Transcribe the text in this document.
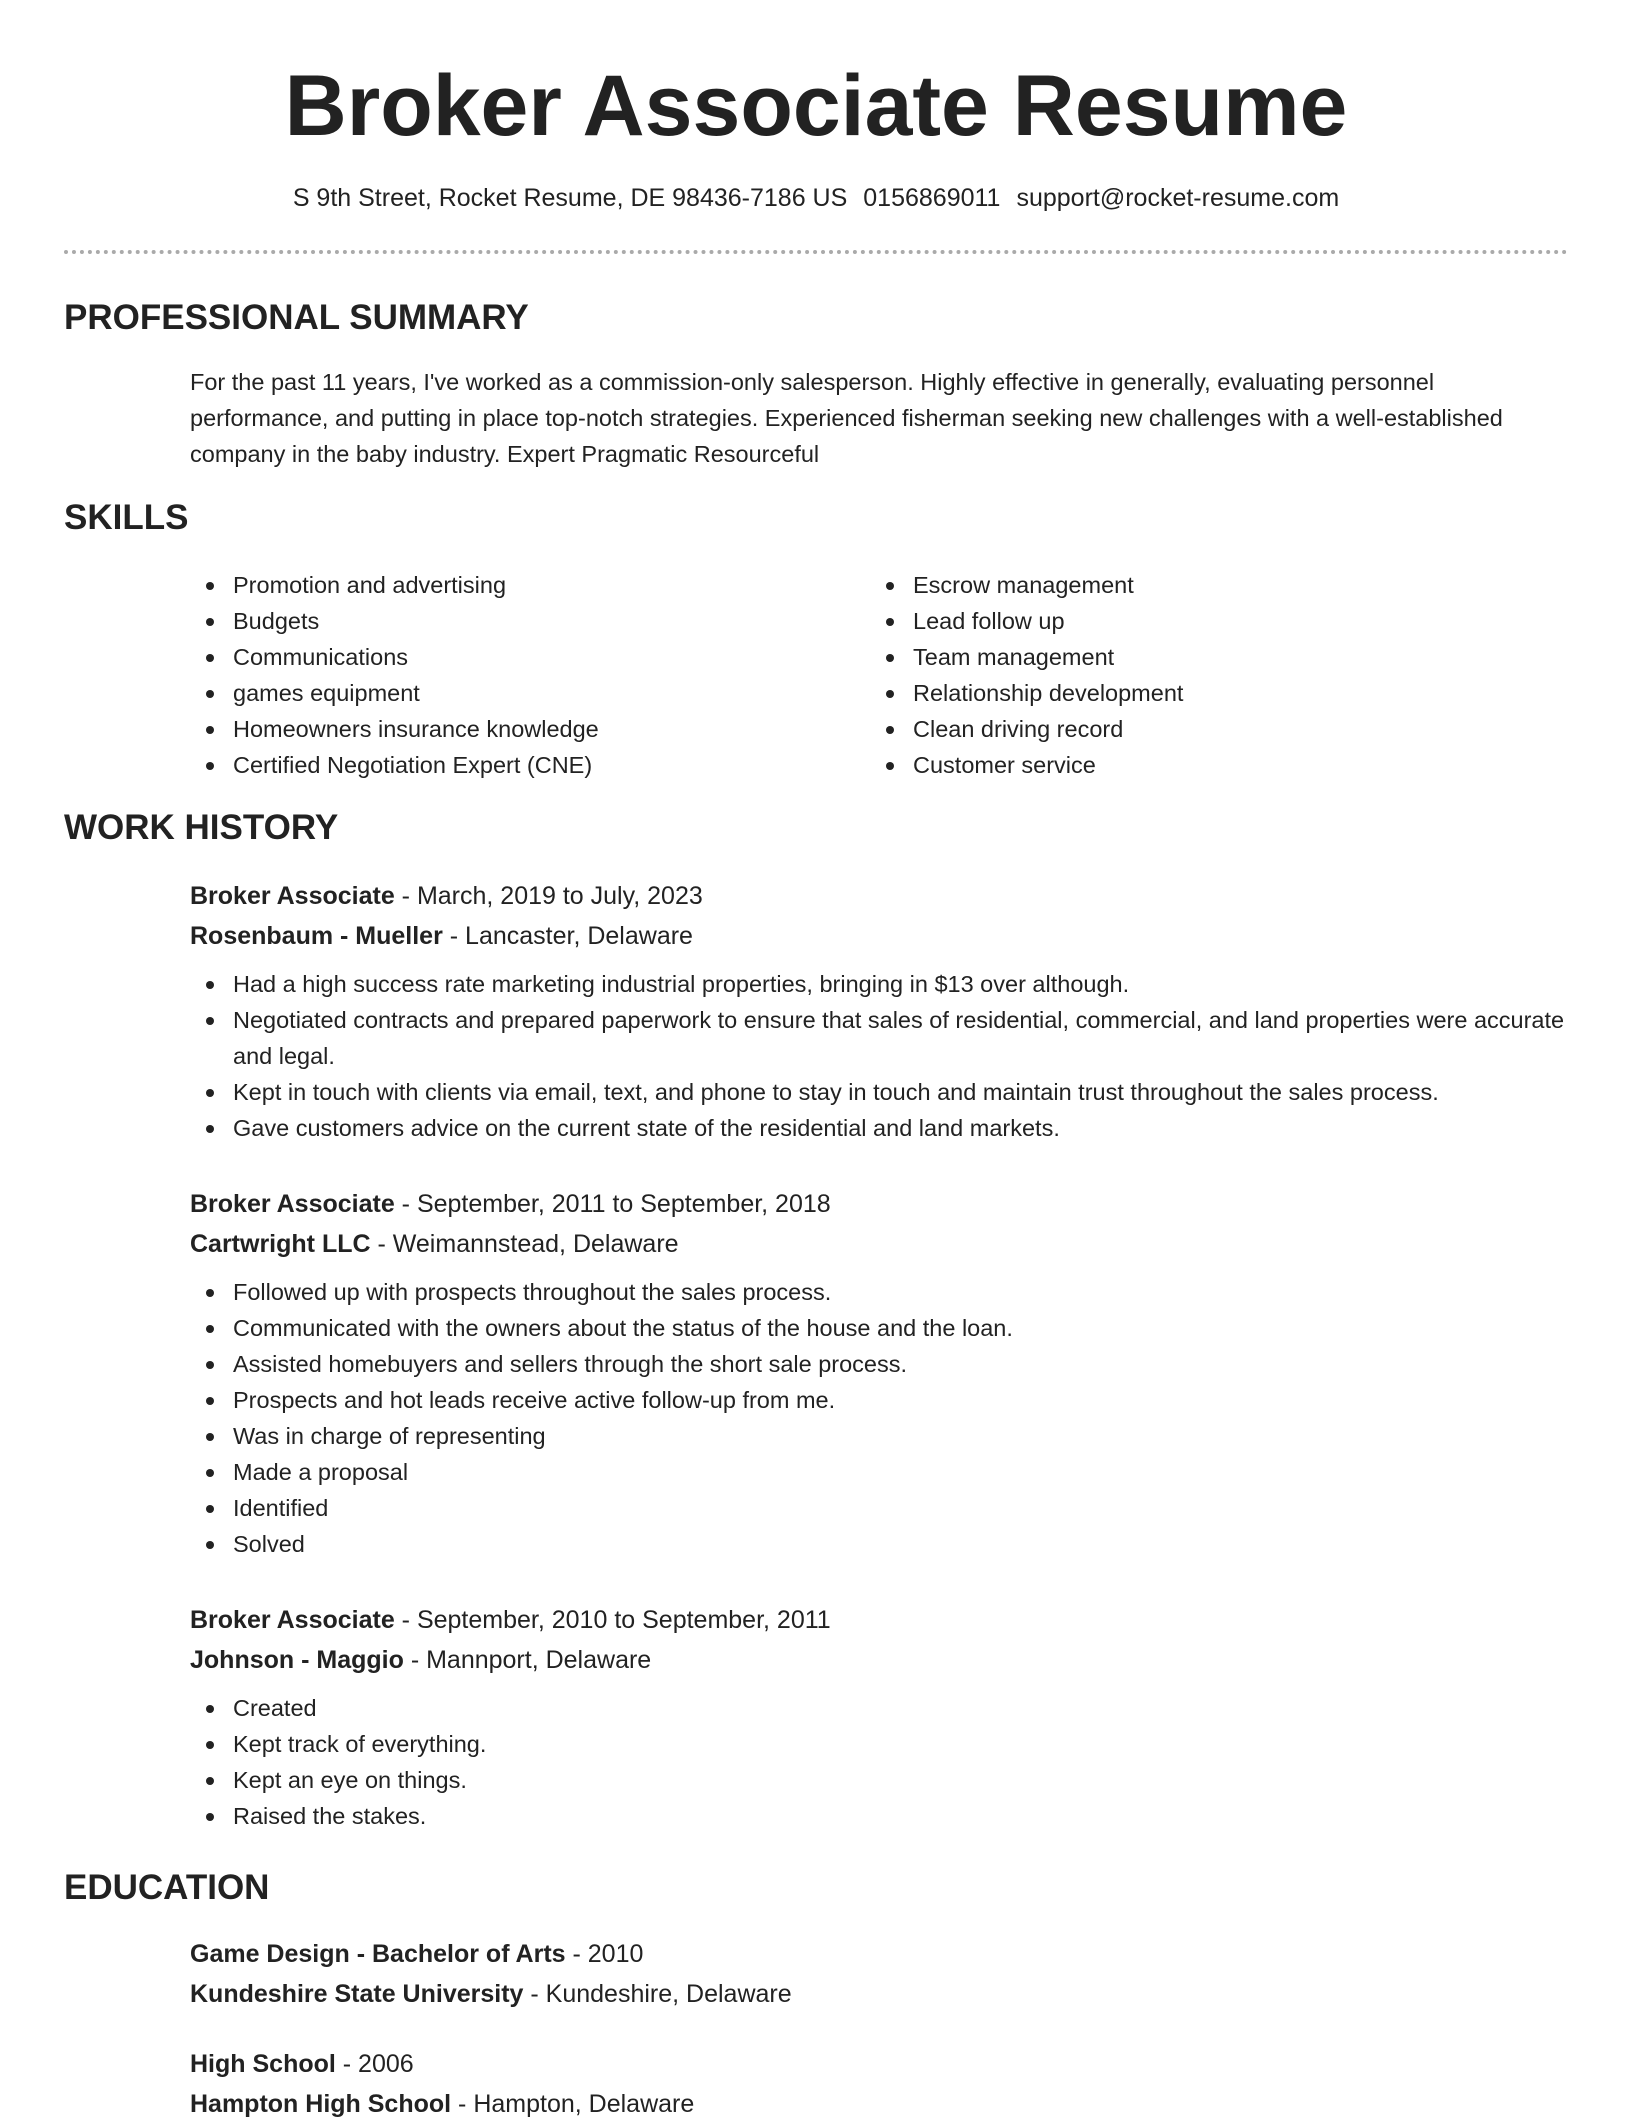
Broker Associate Resume
S 9th Street, Rocket Resume, DE 98436-7186 US 0156869011 support@rocket-resume.com
PROFESSIONAL SUMMARY

For the past 11 years, I've worked as a commission-only salesperson. Highly effective in generally, evaluating personnel performance, and putting in place top-notch strategies. Experienced fisherman seeking new challenges with a well-established company in the baby industry. Expert Pragmatic Resourceful

SKILLS
Promotion and advertising
Budgets
Communications
games equipment
Homeowners insurance knowledge
Certified Negotiation Expert (CNE)
Escrow management
Lead follow up
Team management
Relationship development
Clean driving record
Customer service
WORK HISTORY
Broker Associate - March, 2019 to July, 2023
Rosenbaum - Mueller - Lancaster, Delaware
Had a high success rate marketing industrial properties, bringing in $13 over although.
Negotiated contracts and prepared paperwork to ensure that sales of residential, commercial, and land properties were accurate and legal.
Kept in touch with clients via email, text, and phone to stay in touch and maintain trust throughout the sales process.
Gave customers advice on the current state of the residential and land markets.
Broker Associate - September, 2011 to September, 2018
Cartwright LLC - Weimannstead, Delaware
Followed up with prospects throughout the sales process.
Communicated with the owners about the status of the house and the loan.
Assisted homebuyers and sellers through the short sale process.
Prospects and hot leads receive active follow-up from me.
Was in charge of representing
Made a proposal
Identified
Solved
Broker Associate - September, 2010 to September, 2011
Johnson - Maggio - Mannport, Delaware
Created
Kept track of everything.
Kept an eye on things.
Raised the stakes.
EDUCATION
Game Design - Bachelor of Arts - 2010
Kundeshire State University - Kundeshire, Delaware
High School - 2006
Hampton High School - Hampton, Delaware
